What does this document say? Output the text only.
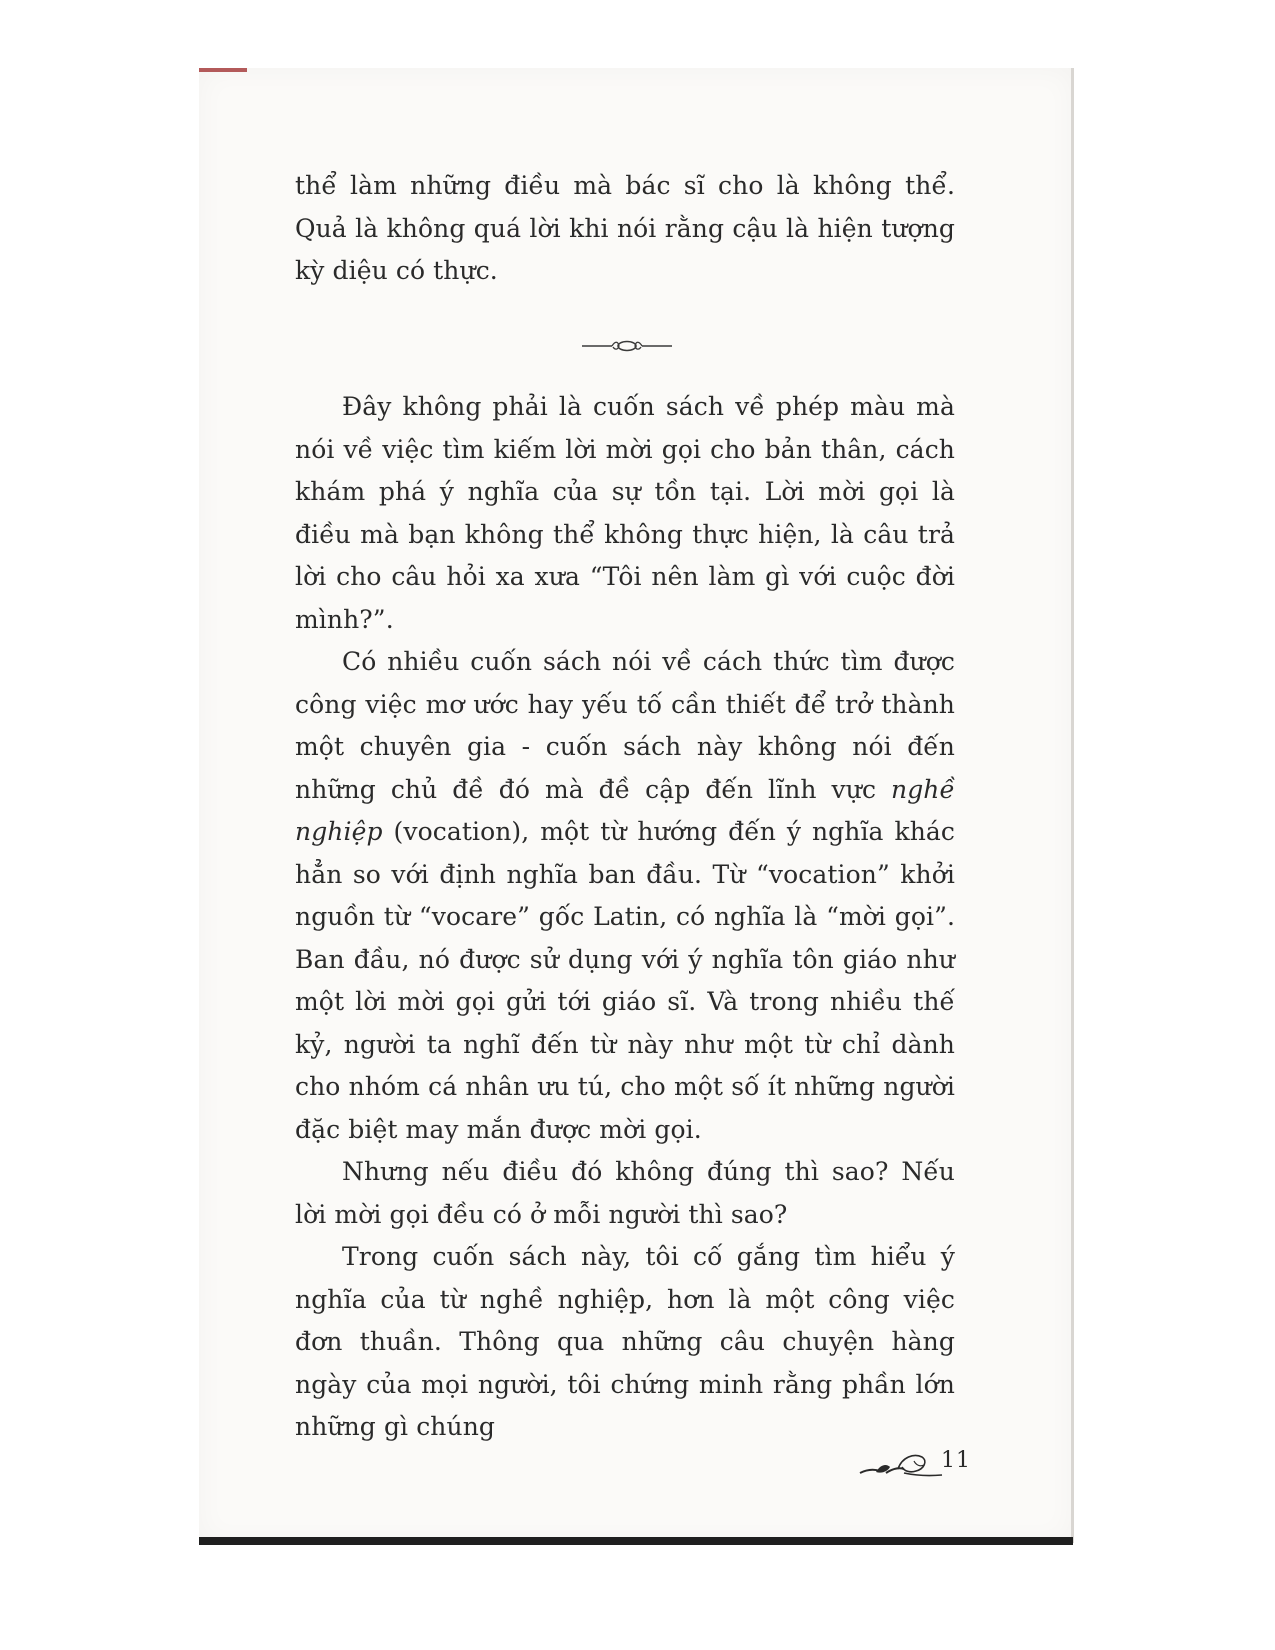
thể làm những điều mà bác sĩ cho là không thể. Quả là không quá lời khi nói rằng cậu là hiện tượng kỳ diệu có thực.

Đây không phải là cuốn sách về phép màu mà nói về việc tìm kiếm lời mời gọi cho bản thân, cách khám phá ý nghĩa của sự tồn tại. Lời mời gọi là điều mà bạn không thể không thực hiện, là câu trả lời cho câu hỏi xa xưa “Tôi nên làm gì với cuộc đời mình?”.

Có nhiều cuốn sách nói về cách thức tìm được công việc mơ ước hay yếu tố cần thiết để trở thành một chuyên gia - cuốn sách này không nói đến những chủ đề đó mà đề cập đến lĩnh vực nghề nghiệp (vocation), một từ hướng đến ý nghĩa khác hẳn so với định nghĩa ban đầu. Từ “vocation” khởi nguồn từ “vocare” gốc Latin, có nghĩa là “mời gọi”. Ban đầu, nó được sử dụng với ý nghĩa tôn giáo như một lời mời gọi gửi tới giáo sĩ. Và trong nhiều thế kỷ, người ta nghĩ đến từ này như một từ chỉ dành cho nhóm cá nhân ưu tú, cho một số ít những người đặc biệt may mắn được mời gọi.

Nhưng nếu điều đó không đúng thì sao? Nếu lời mời gọi đều có ở mỗi người thì sao?

Trong cuốn sách này, tôi cố gắng tìm hiểu ý nghĩa của từ nghề nghiệp, hơn là một công việc đơn thuần. Thông qua những câu chuyện hàng ngày của mọi người, tôi chứng minh rằng phần lớn những gì chúng

11
